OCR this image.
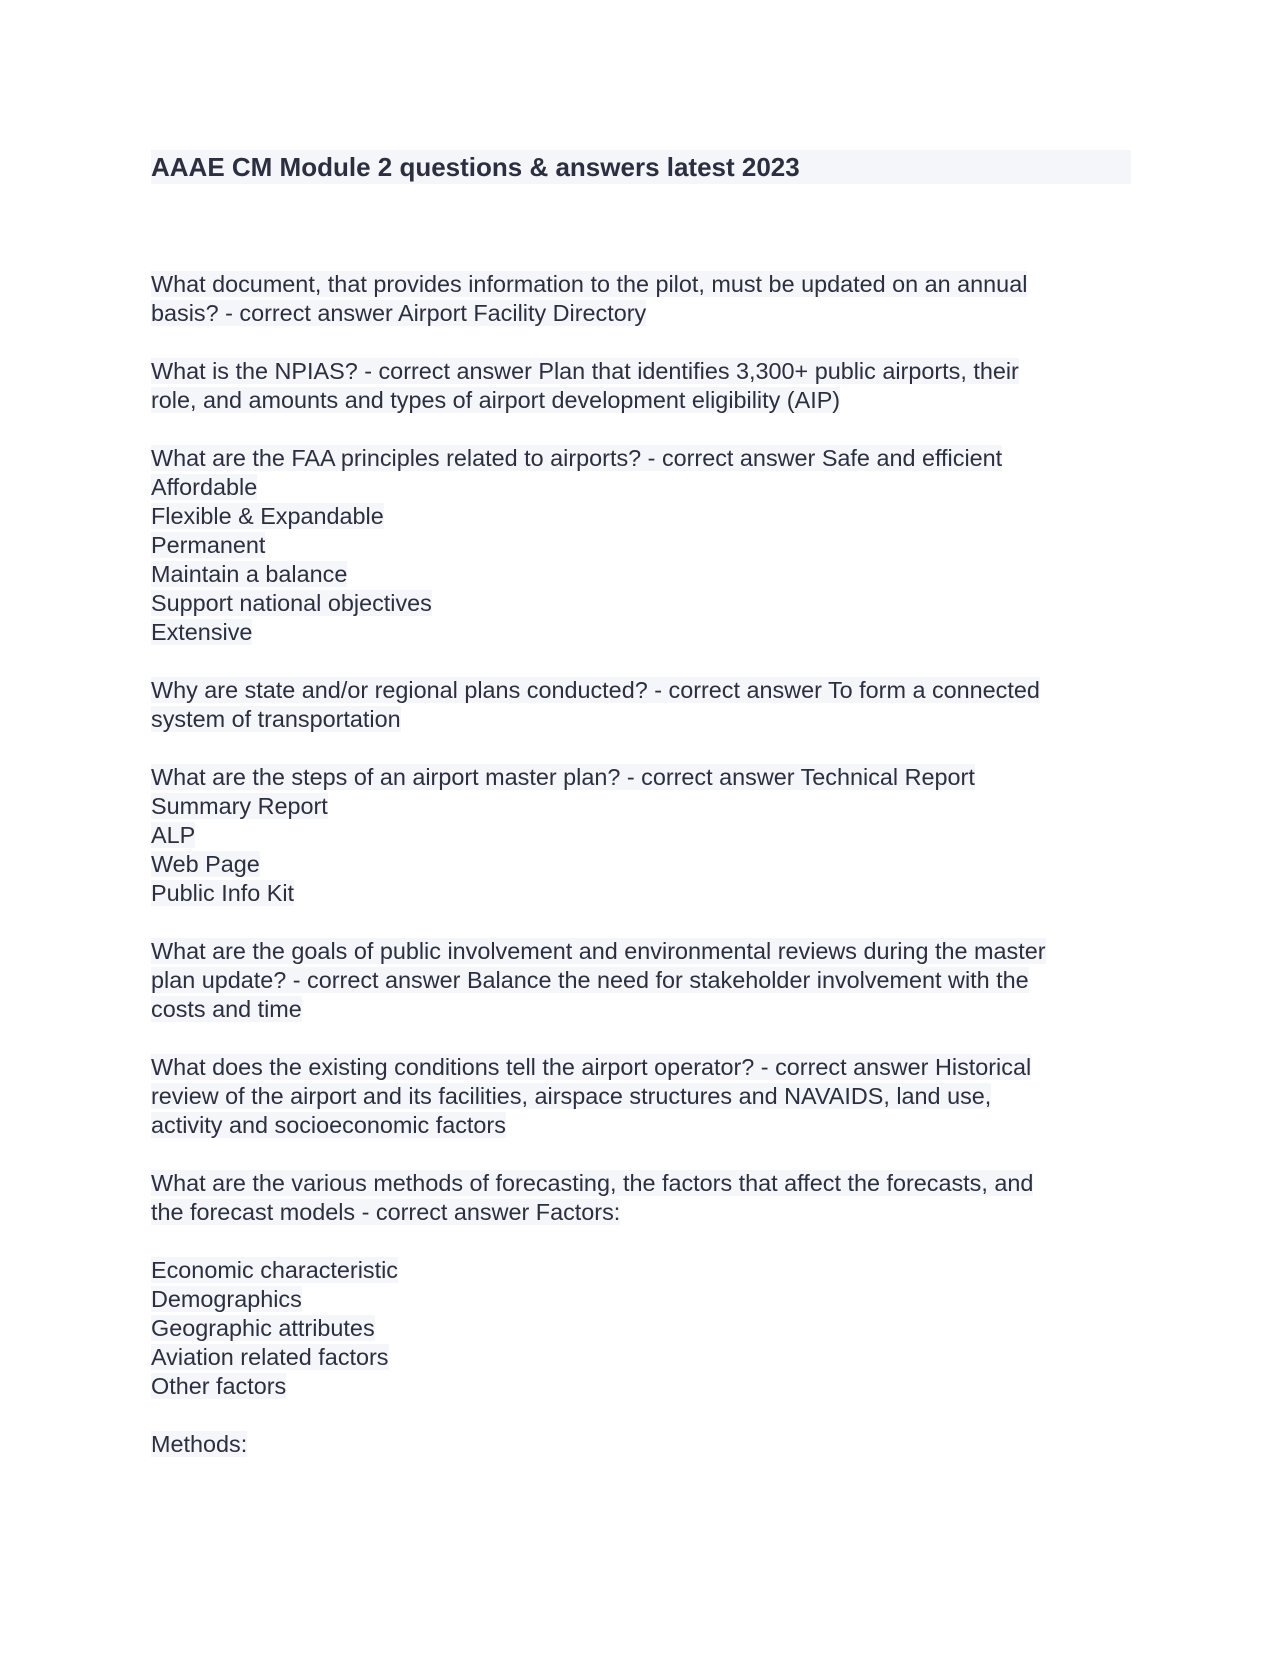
AAAE CM Module 2 questions & answers latest 2023
What document, that provides information to the pilot, must be updated on an annual
basis? - correct answer Airport Facility Directory
What is the NPIAS? - correct answer Plan that identifies 3,300+ public airports, their
role, and amounts and types of airport development eligibility (AIP)
What are the FAA principles related to airports? - correct answer Safe and efficient
Affordable
Flexible & Expandable
Permanent
Maintain a balance
Support national objectives
Extensive
Why are state and/or regional plans conducted? - correct answer To form a connected
system of transportation
What are the steps of an airport master plan? - correct answer Technical Report
Summary Report
ALP
Web Page
Public Info Kit
What are the goals of public involvement and environmental reviews during the master
plan update? - correct answer Balance the need for stakeholder involvement with the
costs and time
What does the existing conditions tell the airport operator? - correct answer Historical
review of the airport and its facilities, airspace structures and NAVAIDS, land use,
activity and socioeconomic factors
What are the various methods of forecasting, the factors that affect the forecasts, and
the forecast models - correct answer Factors:
Economic characteristic
Demographics
Geographic attributes
Aviation related factors
Other factors
Methods:
